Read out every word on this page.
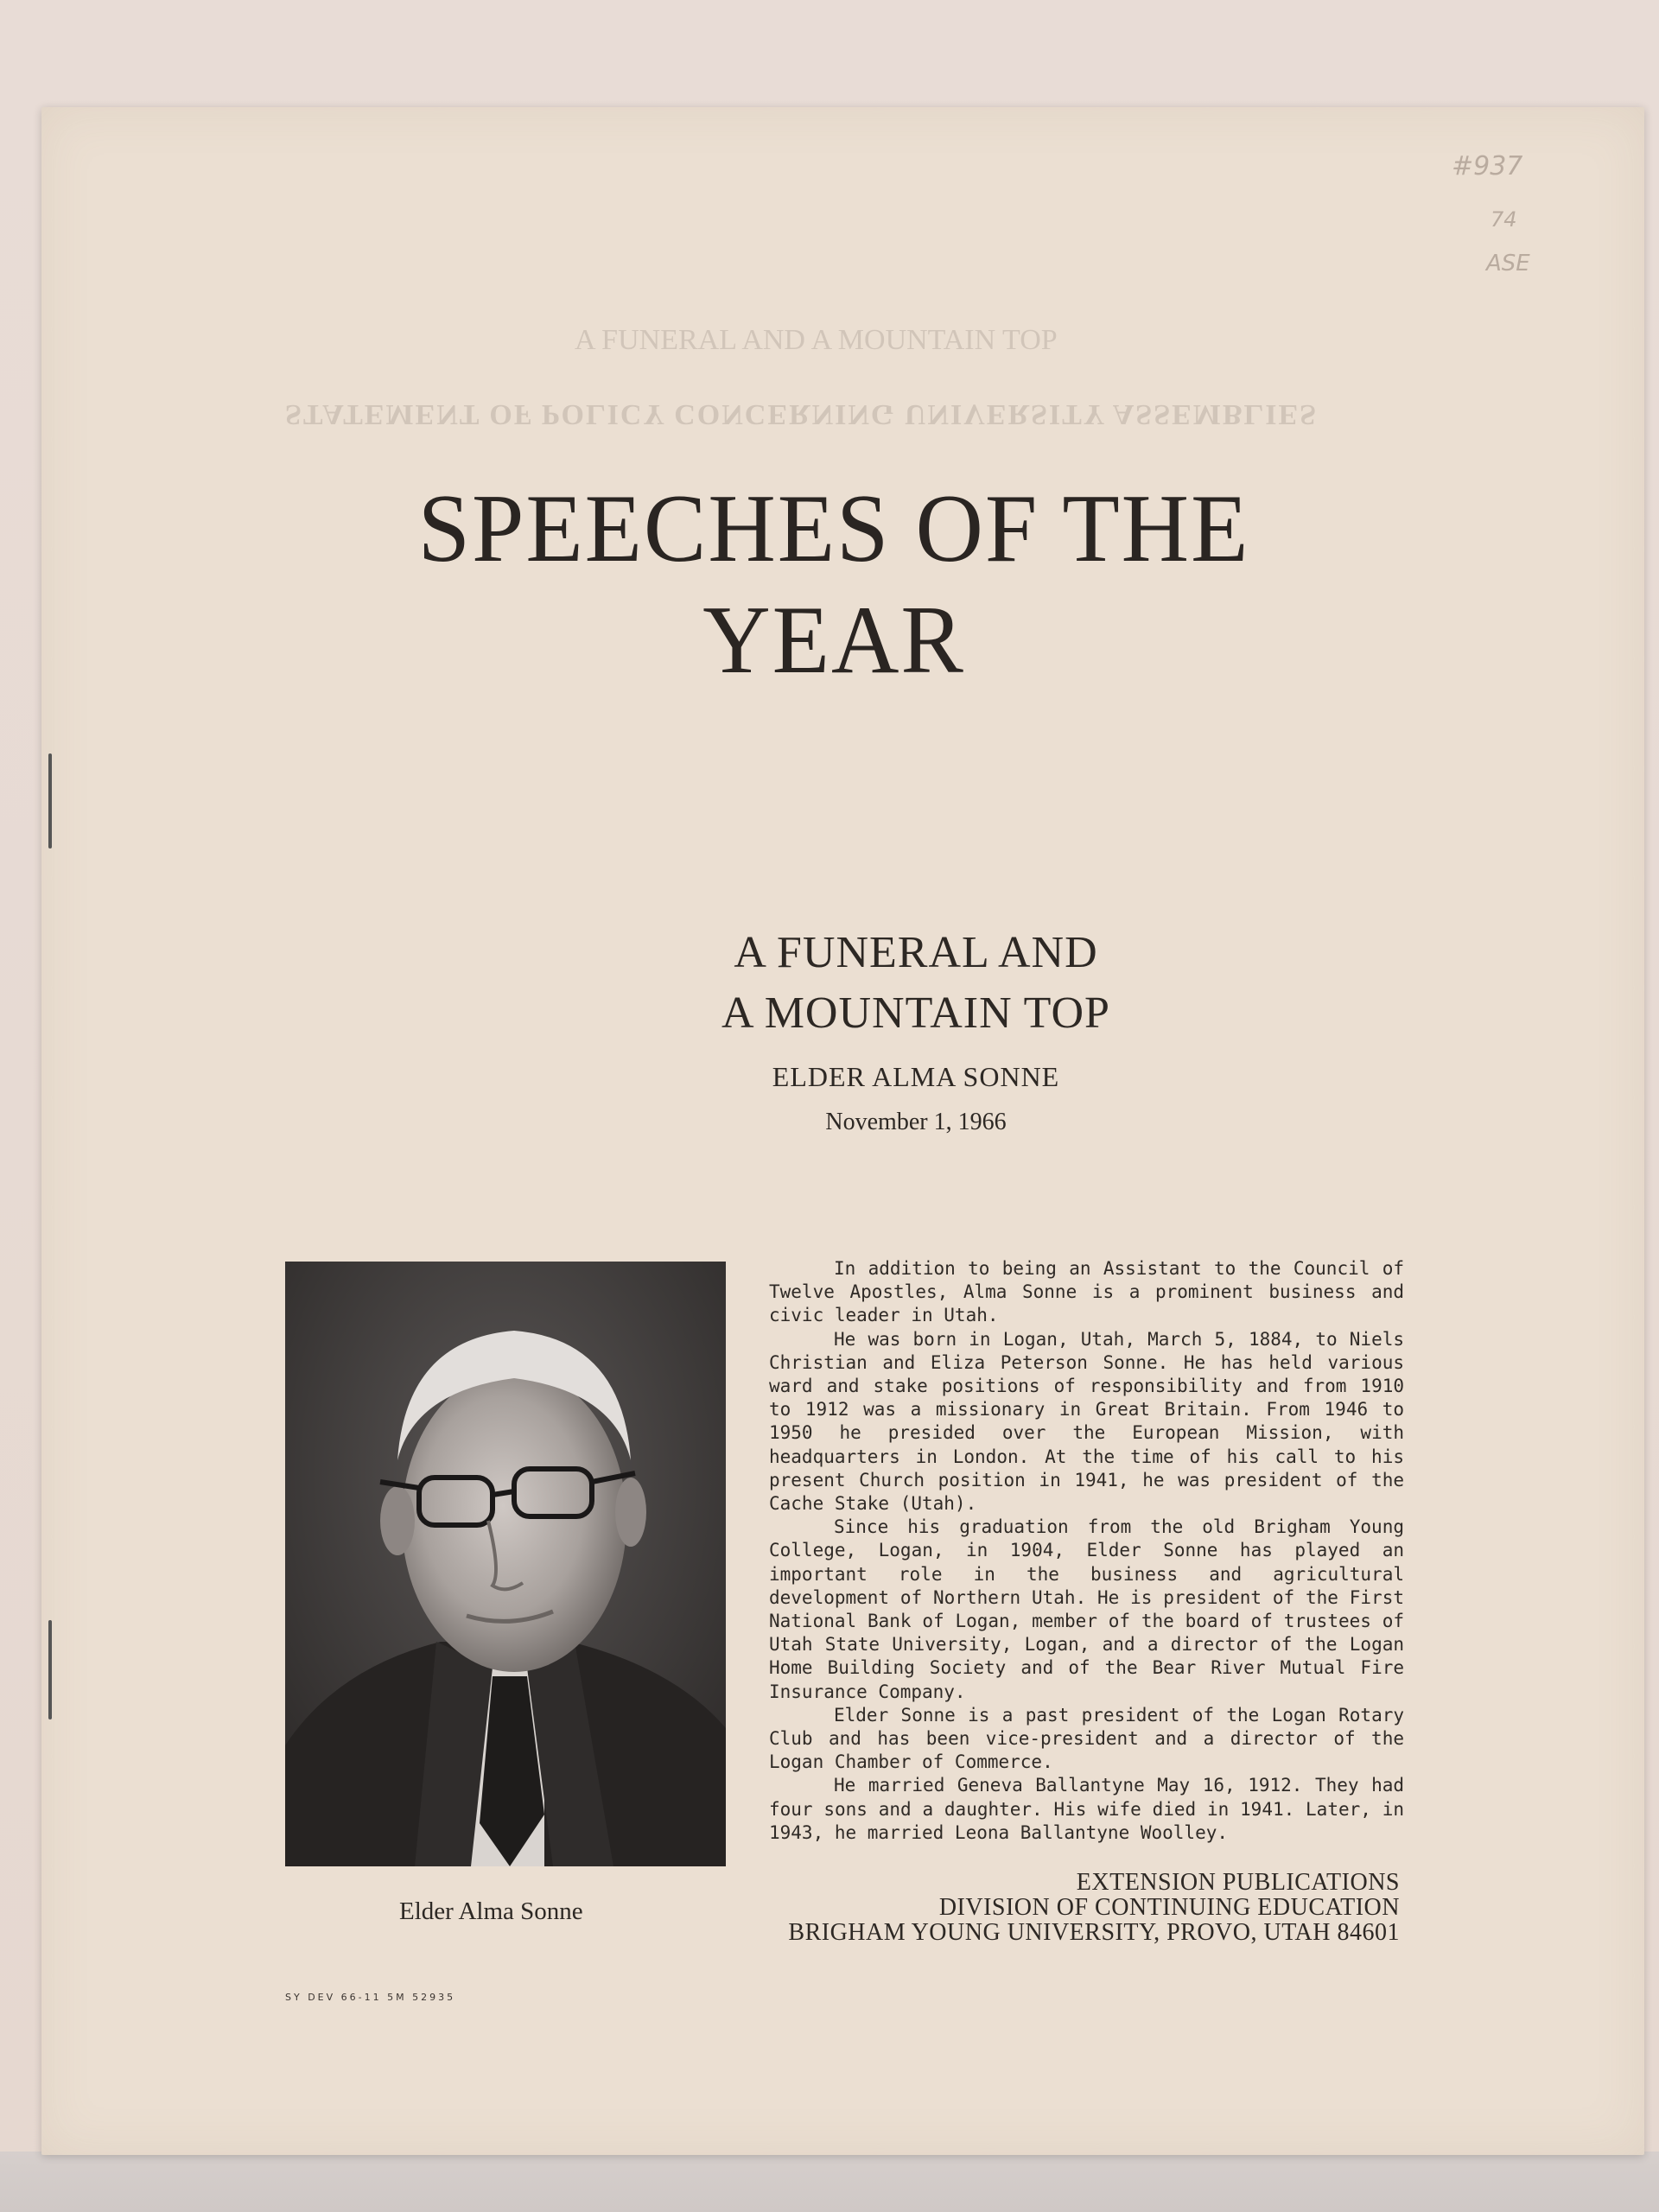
A FUNERAL AND A MOUNTAIN TOP
STATEMENT OF POLICY CONCERNING UNIVERSITY ASSEMBLIES
#937
74
ASE
SPEECHES OF THE YEAR
A FUNERAL AND
A MOUNTAIN TOP
ELDER ALMA SONNE
November 1, 1966
Elder Alma Sonne

In addition to being an Assistant to the Council of Twelve Apostles, Alma Sonne is a prominent business and civic leader in Utah.

He was born in Logan, Utah, March 5, 1884, to Niels Christian and Eliza Peterson Sonne. He has held various ward and stake positions of responsibility and from 1910 to 1912 was a missionary in Great Britain. From 1946 to 1950 he presided over the European Mission, with headquarters in London. At the time of his call to his present Church position in 1941, he was president of the Cache Stake (Utah).

Since his graduation from the old Brigham Young College, Logan, in 1904, Elder Sonne has played an important role in the business and agricultural development of Northern Utah. He is president of the First National Bank of Logan, member of the board of trustees of Utah State University, Logan, and a director of the Logan Home Building Society and of the Bear River Mutual Fire Insurance Company.

Elder Sonne is a past president of the Logan Rotary Club and has been vice-president and a director of the Logan Chamber of Commerce.

He married Geneva Ballantyne May 16, 1912. They had four sons and a daughter. His wife died in 1941. Later, in 1943, he married Leona Ballantyne Woolley.

EXTENSION PUBLICATIONS
DIVISION OF CONTINUING EDUCATION
BRIGHAM YOUNG UNIVERSITY, PROVO, UTAH 84601
SY DEV 66-11 5M 52935
